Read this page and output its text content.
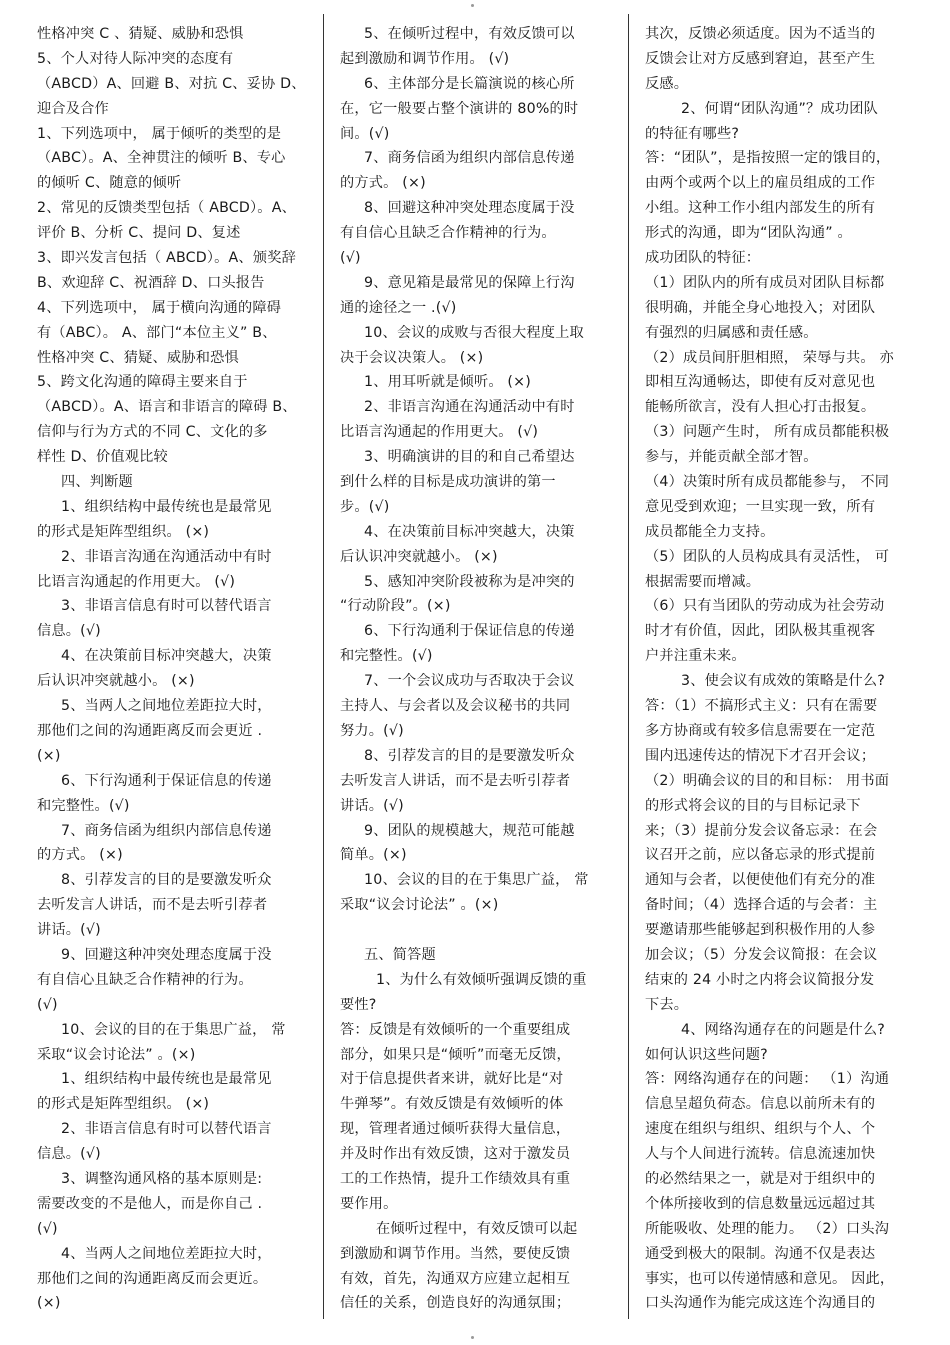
性格冲突 C 、猜疑、威胁和恐惧
5、个人对待人际冲突的态度有
（ABCD）A、回避 B、对抗 C、妥协 D、
迎合及合作
1、下列选项中， 属于倾听的类型的是
（ABC）。A、全神贯注的倾听 B、专心
的倾听 C、随意的倾听
2、常见的反馈类型包括（ ABCD）。A、
评价 B、分析 C、提问 D、复述
3、即兴发言包括（ ABCD）。A、颁奖辞
B、欢迎辞 C、祝酒辞 D、口头报告
4、下列选项中， 属于横向沟通的障碍
有（ABC）。 A、部门“本位主义” B、
性格冲突 C、猜疑、威胁和恐惧
5、跨文化沟通的障碍主要来自于
（ABCD）。A、语言和非语言的障碍 B、
信仰与行为方式的不同 C、文化的多
样性 D、价值观比较
四、判断题
1、组织结构中最传统也是最常见
的形式是矩阵型组织。 (×)
2、非语言沟通在沟通活动中有时
比语言沟通起的作用更大。 (√)
3、非语言信息有时可以替代语言
信息。(√)
4、在决策前目标冲突越大，决策
后认识冲突就越小。 (×)
5、当两人之间地位差距拉大时，
那他们之间的沟通距离反而会更近 .
(×)
6、下行沟通利于保证信息的传递
和完整性。(√)
7、商务信函为组织内部信息传递
的方式。 (×)
8、引荐发言的目的是要激发听众
去听发言人讲话，而不是去听引荐者
讲话。(√)
9、回避这种冲突处理态度属于没
有自信心且缺乏合作精神的行为。
(√)
10、会议的目的在于集思广益， 常
采取“议会讨论法” 。(×)
1、组织结构中最传统也是最常见
的形式是矩阵型组织。 (×)
2、非语言信息有时可以替代语言
信息。(√)
3、调整沟通风格的基本原则是:
需要改变的不是他人，而是你自己 .
(√)
4、当两人之间地位差距拉大时，
那他们之间的沟通距离反而会更近。
(×)
5、在倾听过程中，有效反馈可以
起到激励和调节作用。 (√)
6、主体部分是长篇演说的核心所
在，它一般要占整个演讲的 80%的时
间。(√)
7、商务信函为组织内部信息传递
的方式。 (×)
8、回避这种冲突处理态度属于没
有自信心且缺乏合作精神的行为。
(√)
9、意见箱是最常见的保障上行沟
通的途径之一 .(√)
10、会议的成败与否很大程度上取
决于会议决策人。 (×)
1、用耳听就是倾听。 (×)
2、非语言沟通在沟通活动中有时
比语言沟通起的作用更大。 (√)
3、明确演讲的目的和自己希望达
到什么样的目标是成功演讲的第一
步。(√)
4、在决策前目标冲突越大，决策
后认识冲突就越小。 (×)
5、感知冲突阶段被称为是冲突的
“行动阶段”。(×)
6、下行沟通利于保证信息的传递
和完整性。(√)
7、一个会议成功与否取决于会议
主持人、与会者以及会议秘书的共同
努力。(√)
8、引荐发言的目的是要激发听众
去听发言人讲话，而不是去听引荐者
讲话。(√)
9、团队的规模越大，规范可能越
简单。(×)
10、会议的目的在于集思广益， 常
采取“议会讨论法” 。(×)
五、简答题
1、为什么有效倾听强调反馈的重
要性?
答：反馈是有效倾听的一个重要组成
部分，如果只是“倾听”而毫无反馈，
对于信息提供者来讲，就好比是“对
牛弹琴”。有效反馈是有效倾听的体
现，管理者通过倾听获得大量信息，
并及时作出有效反馈，这对于激发员
工的工作热情，提升工作绩效具有重
要作用。
在倾听过程中，有效反馈可以起
到激励和调节作用。当然，要使反馈
有效，首先，沟通双方应建立起相互
信任的关系，创造良好的沟通氛围；
其次，反馈必须适度。因为不适当的
反馈会让对方反感到窘迫，甚至产生
反感。
2、何谓“团队沟通”？成功团队
的特征有哪些?
答：“团队”，是指按照一定的饿目的，
由两个或两个以上的雇员组成的工作
小组。这种工作小组内部发生的所有
形式的沟通，即为“团队沟通” 。
成功团队的特征：
（1）团队内的所有成员对团队目标都
很明确，并能全身心地投入；对团队
有强烈的归属感和责任感。
（2）成员间肝胆相照， 荣辱与共。 亦
即相互沟通畅达，即使有反对意见也
能畅所欲言，没有人担心打击报复。
（3）问题产生时， 所有成员都能积极
参与，并能贡献全部才智。
（4）决策时所有成员都能参与， 不同
意见受到欢迎；一旦实现一致，所有
成员都能全力支持。
（5）团队的人员构成具有灵活性， 可
根据需要而增减。
（6）只有当团队的劳动成为社会劳动
时才有价值，因此，团队极其重视客
户并注重未来。
3、使会议有成效的策略是什么?
答：（1）不搞形式主义：只有在需要
多方协商或有较多信息需要在一定范
围内迅速传达的情况下才召开会议；
（2）明确会议的目的和目标： 用书面
的形式将会议的目的与目标记录下
来；（3）提前分发会议备忘录：在会
议召开之前，应以备忘录的形式提前
通知与会者，以便使他们有充分的准
备时间；（4）选择合适的与会者：主
要邀请那些能够起到积极作用的人参
加会议；（5）分发会议简报：在会议
结束的 24 小时之内将会议简报分发
下去。
4、网络沟通存在的问题是什么?
如何认识这些问题?
答：网络沟通存在的问题： （1）沟通
信息呈超负荷态。信息以前所未有的
速度在组织与组织、组织与个人、个
人与个人间进行流转。信息流速加快
的必然结果之一，就是对于组织中的
个体所接收到的信息数量远远超过其
所能吸收、处理的能力。 （2）口头沟
通受到极大的限制。沟通不仅是表达
事实，也可以传递情感和意见。 因此，
口头沟通作为能完成这连个沟通目的
